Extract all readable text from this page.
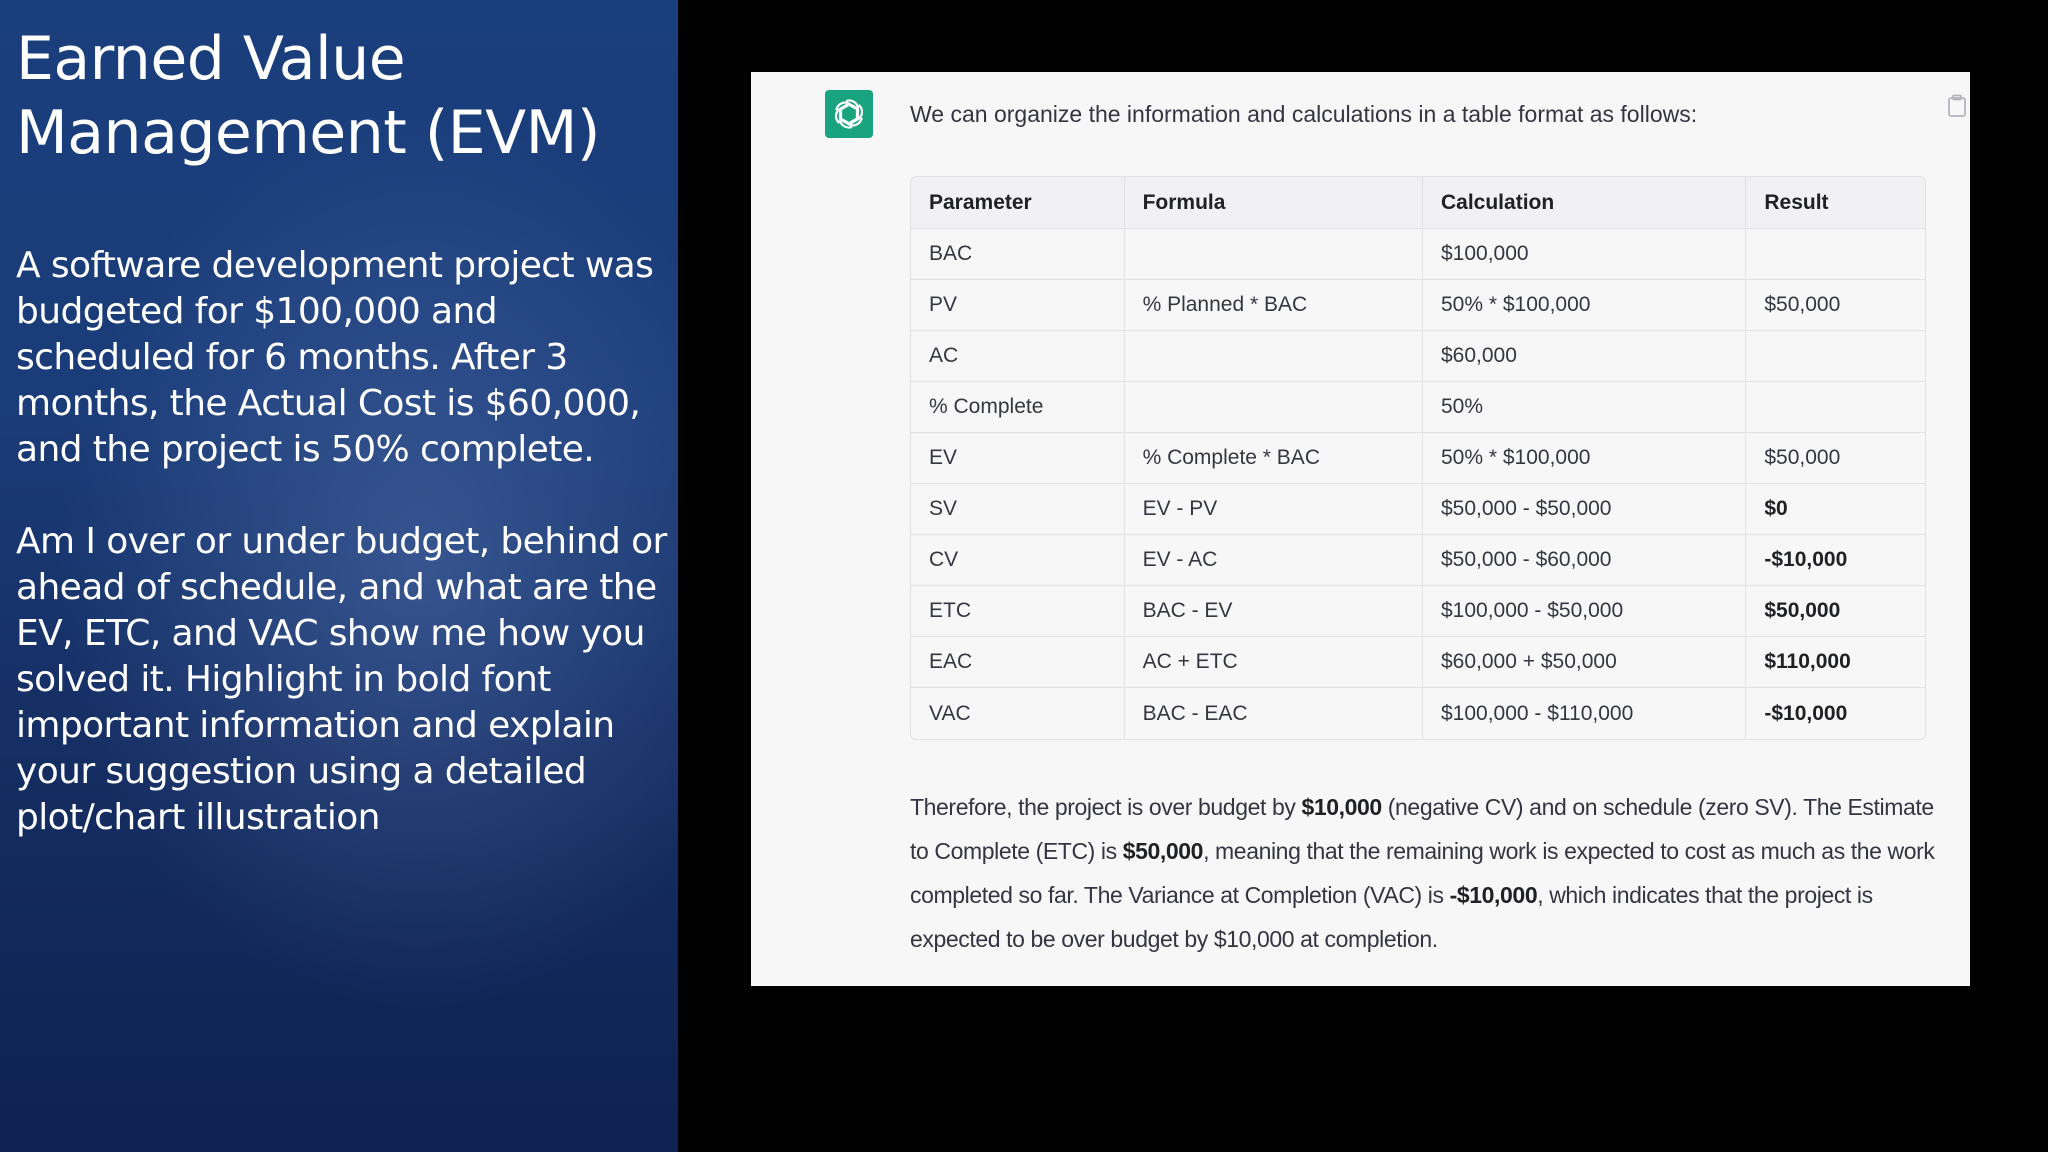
Earned Value Management (EVM)

A software development project was budgeted for $100,000 and scheduled for 6 months. After 3 months, the Actual Cost is $60,000, and the project is 50% complete.

Am I over or under budget, behind or ahead of schedule, and what are the EV, ETC, and VAC show me how you solved it. Highlight in bold font important information and explain your suggestion using a detailed plot/chart illustration

We can organize the information and calculations in a table format as follows:

Parameter	Formula	Calculation	Result
BAC		$100,000	
PV	% Planned * BAC	50% * $100,000	$50,000
AC		$60,000	
% Complete		50%	
EV	% Complete * BAC	50% * $100,000	$50,000
SV	EV - PV	$50,000 - $50,000	$0
CV	EV - AC	$50,000 - $60,000	-$10,000
ETC	BAC - EV	$100,000 - $50,000	$50,000
EAC	AC + ETC	$60,000 + $50,000	$110,000
VAC	BAC - EAC	$100,000 - $110,000	-$10,000

Therefore, the project is over budget by $10,000 (negative CV) and on schedule (zero SV). The Estimate to Complete (ETC) is $50,000, meaning that the remaining work is expected to cost as much as the work completed so far. The Variance at Completion (VAC) is -$10,000, which indicates that the project is expected to be over budget by $10,000 at completion.
